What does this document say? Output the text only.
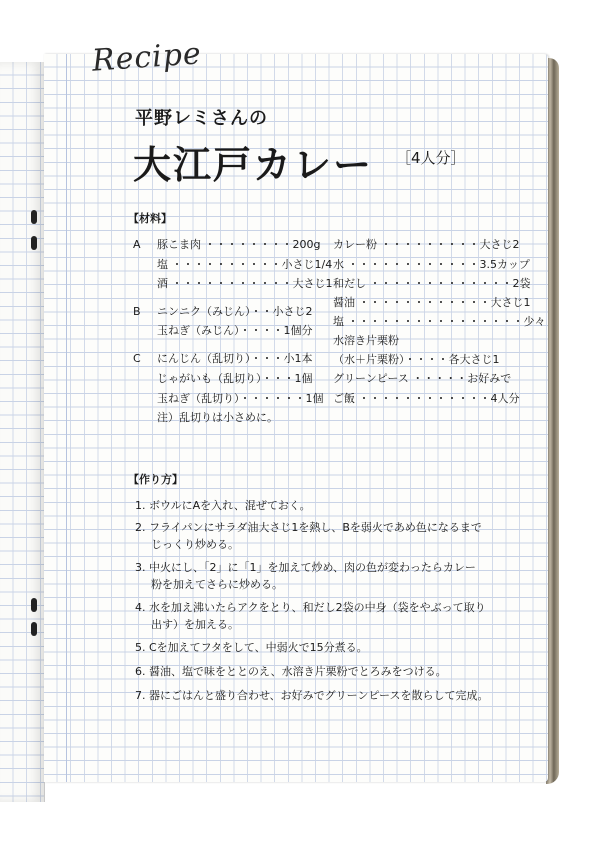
Recipe
平野レミさんの
大江戸カレー ［4人分］
【材料】
A
B
C
豚こま肉 ・・・・・・・・200g
塩 ・・・・・・・・・・小さじ1/4
酒 ・・・・・・・・・・・大さじ1
ニンニク（みじん）・・小さじ2
玉ねぎ（みじん）・・・・1個分
にんじん（乱切り）・・・小1本
じゃがいも（乱切り）・・・1個
玉ねぎ（乱切り）・・・・・・1個
注）乱切りは小さめに。
カレー粉 ・・・・・・・・・大さじ2
水 ・・・・・・・・・・・・3.5カップ
和だし ・・・・・・・・・・・・・2袋
醤油 ・・・・・・・・・・・・大さじ1
塩 ・・・・・・・・・・・・・・・・少々
水溶き片栗粉
（水＋片栗粉）・・・・各大さじ1
グリーンピース ・・・・・お好みで
ご飯 ・・・・・・・・・・・・4人分
【作り方】
1. ボウルにAを入れ、混ぜておく。
2. フライパンにサラダ油大さじ1を熱し、Bを弱火であめ色になるまで
じっくり炒める。
3. 中火にし、「2」に「1」を加えて炒め、肉の色が変わったらカレー
粉を加えてさらに炒める。
4. 水を加え沸いたらアクをとり、和だし2袋の中身（袋をやぶって取り
出す）を加える。
5. Cを加えてフタをして、中弱火で15分煮る。
6. 醤油、塩で味をととのえ、水溶き片栗粉でとろみをつける。
7. 器にごはんと盛り合わせ、お好みでグリーンピースを散らして完成。
